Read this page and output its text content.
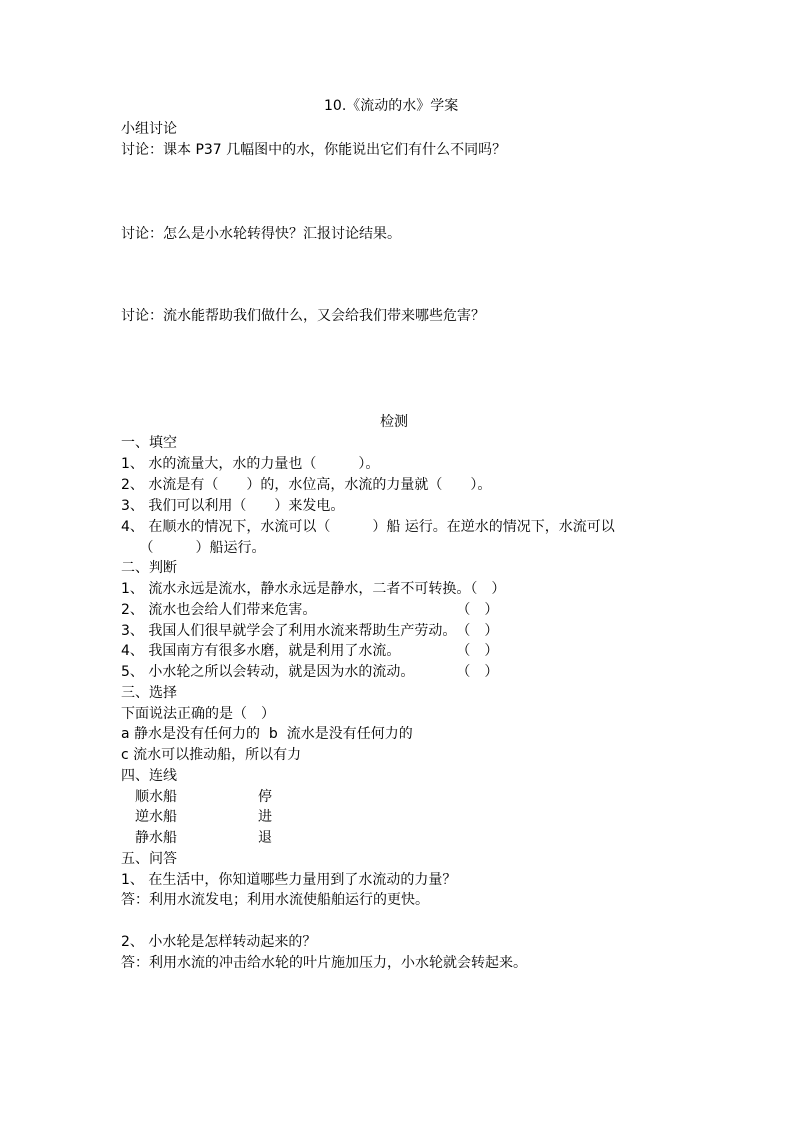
10.《流动的水》学案
小组讨论
讨论：课本 P37 几幅图中的水，你能说出它们有什么不同吗？
讨论：怎么是小水轮转得快？汇报讨论结果。
讨论：流水能帮助我们做什么，又会给我们带来哪些危害？
检测
一、填空
1、 水的流量大，水的力量也（　　　）。
2、 水流是有（　　）的，水位高，水流的力量就（　　）。
3、 我们可以利用（　　）来发电。
4、 在顺水的情况下，水流可以（　　　）船 运行。在逆水的情况下，水流可以
　 （　　　）船运行。
二、判断
1、 流水永远是流水，静水永远是静水，二者不可转换。（　）
2、 流水也会给人们带来危害。　　　　　　　　　　　（　）
3、 我国人们很早就学会了利用水流来帮助生产劳动。　（　）
4、 我国南方有很多水磨，就是利用了水流。　　　　　（　）
5、 小水轮之所以会转动，就是因为水的流动。　　　　（　）
三、选择
下面说法正确的是（　）
a 静水是没有任何力的  b  流水是没有任何力的
c 流水可以推动船，所以有力
四、连线
顺水船	停
逆水船	进
静水船	退
五、问答
1、 在生活中，你知道哪些力量用到了水流动的力量？
答：利用水流发电；利用水流使船舶运行的更快。
2、 小水轮是怎样转动起来的？
答：利用水流的冲击给水轮的叶片施加压力，小水轮就会转起来。
